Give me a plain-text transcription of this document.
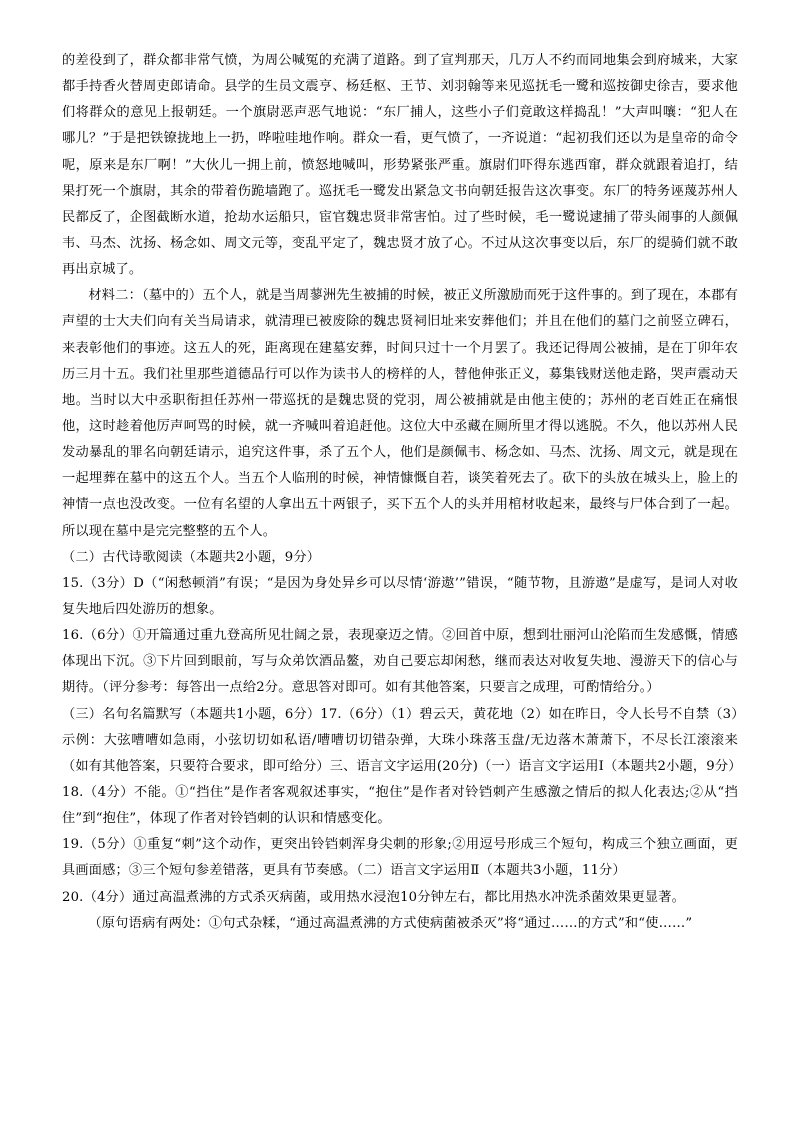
的差役到了，群众都非常气愤，为周公喊冤的充满了道路。到了宣判那天，几万人不约而同地集会到府城来，大家都手持香火替周吏郎请命。县学的生员文震亨、杨廷枢、王节、刘羽翰等来见巡抚毛一鹭和巡按御史徐吉，要求他们将群众的意见上报朝廷。一个旗尉恶声恶气地说：“东厂捕人，这些小子们竟敢这样捣乱！”大声叫嚷：“犯人在哪儿？”于是把铁镣拢地上一扔，哗啦哇地作响。群众一看，更气愤了，一齐说道：“起初我们还以为是皇帝的命令呢，原来是东厂啊！”大伙儿一拥上前，愤怒地喊叫，形势紧张严重。旗尉们吓得东逃西窜，群众就跟着追打，结果打死一个旗尉，其余的带着伤跪墙跑了。巡抚毛一鹭发出紧急文书向朝廷报告这次事变。东厂的特务诬蔑苏州人民都反了，企图截断水道，抢劫水运船只，宦官魏忠贤非常害怕。过了些时候，毛一鹭说逮捕了带头闹事的人颜佩韦、马杰、沈扬、杨念如、周文元等，变乱平定了，魏忠贤才放了心。不过从这次事变以后，东厂的缇骑们就不敢再出京城了。

材料二：（墓中的）五个人，就是当周蓼洲先生被捕的时候，被正义所激励而死于这件事的。到了现在，本郡有声望的士大夫们向有关当局请求，就清理已被废除的魏忠贤祠旧址来安葬他们；并且在他们的墓门之前竖立碑石，来表彰他们的事迹。这五人的死，距离现在建墓安葬，时间只过十一个月罢了。我还记得周公被捕，是在丁卯年农历三月十五。我们社里那些道德品行可以作为读书人的榜样的人，替他伸张正义，募集钱财送他走路，哭声震动天地。当时以大中丞职衔担任苏州一带巡抚的是魏忠贤的党羽，周公被捕就是由他主使的；苏州的老百姓正在痛恨他，这时趁着他厉声呵骂的时候，就一齐喊叫着追赶他。这位大中丞藏在厕所里才得以逃脱。不久，他以苏州人民发动暴乱的罪名向朝廷请示，追究这件事，杀了五个人，他们是颜佩韦、杨念如、马杰、沈扬、周文元，就是现在一起埋葬在墓中的这五个人。当五个人临刑的时候，神情慷慨自若，谈笑着死去了。砍下的头放在城头上，脸上的神情一点也没改变。一位有名望的人拿出五十两银子，买下五个人的头并用棺材收起来，最终与尸体合到了一起。所以现在墓中是完完整整的五个人。

（二）古代诗歌阅读（本题共2小题，9分）

15.（3分）D（“闲愁顿消”有误；“是因为身处异乡可以尽情‘游遨’”错误，“随节物，且游遨”是虚写，是词人对收复失地后四处游历的想象。

16.（6分）①开篇通过重九登高所见壮阔之景，表现豪迈之情。②回首中原，想到壮丽河山沦陷而生发感慨，情感体现出下沉。③下片回到眼前，写与众弟饮酒品鳌，劝自己要忘却闲愁，继而表达对收复失地、漫游天下的信心与期待。（评分参考：每答出一点给2分。意思答对即可。如有其他答案，只要言之成理，可酌情给分。）

（三）名句名篇默写（本题共1小题，6分）17.（6分）（1）碧云天，黄花地（2）如在昨日，令人长号不自禁（3）示例：大弦嘈嘈如急雨，小弦切切如私语/嘈嘈切切错杂弹，大珠小珠落玉盘/无边落木萧萧下，不尽长江滚滚来（如有其他答案，只要符合要求，即可给分）三、语言文字运用(20分)（一）语言文字运用Ⅰ（本题共2小题，9分）

18.（4分）不能。①“挡住”是作者客观叙述事实，“抱住”是作者对铃铛刺产生感激之情后的拟人化表达;②从“挡住”到“抱住”，体现了作者对铃铛刺的认识和情感变化。

19.（5分）①重复“刺”这个动作，更突出铃铛刺浑身尖刺的形象;②用逗号形成三个短句，构成三个独立画面，更具画面感；③三个短句参差错落，更具有节奏感。（二）语言文字运用Ⅱ（本题共3小题，11分）

20.（4分）通过高温煮沸的方式杀灭病菌，或用热水浸泡10分钟左右，都比用热水冲洗杀菌效果更显著。

（原句语病有两处：①句式杂糅，“通过高温煮沸的方式使病菌被杀灭”将“通过……的方式”和“使……”
